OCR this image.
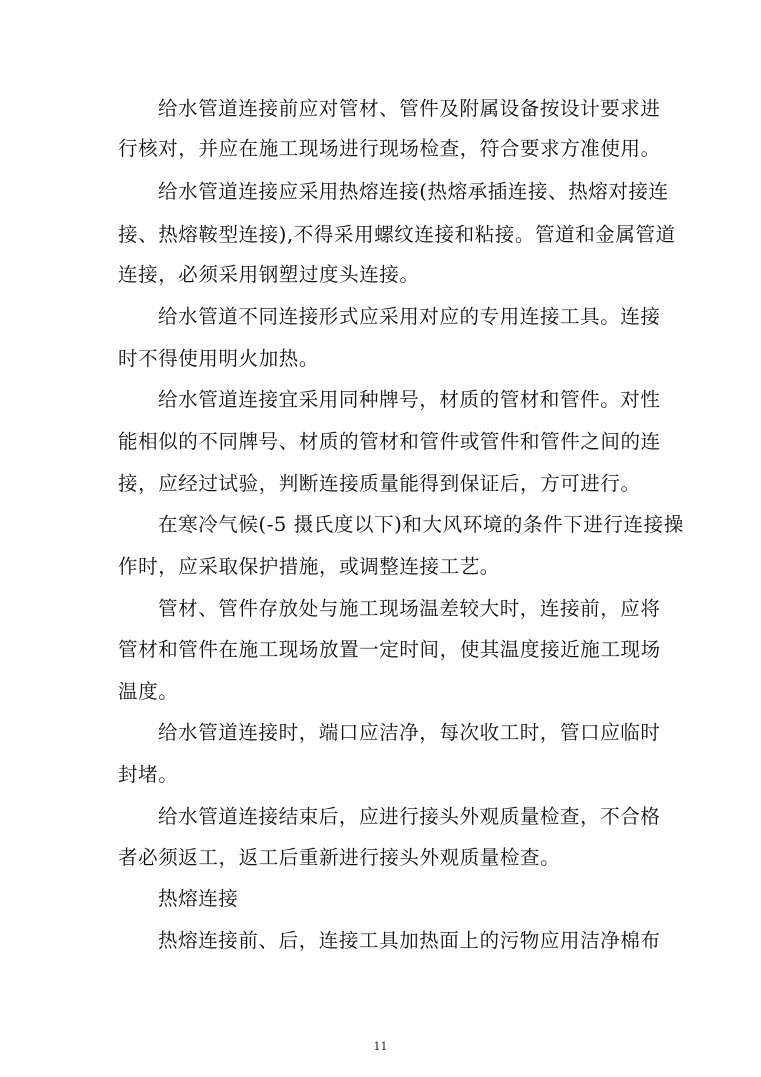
给水管道连接前应对管材、管件及附属设备按设计要求进
行核对，并应在施工现场进行现场检查，符合要求方准使用。
给水管道连接应采用热熔连接(热熔承插连接、热熔对接连
接、热熔鞍型连接),不得采用螺纹连接和粘接。管道和金属管道
连接，必须采用钢塑过度头连接。
给水管道不同连接形式应采用对应的专用连接工具。连接
时不得使用明火加热。
给水管道连接宜采用同种牌号，材质的管材和管件。对性
能相似的不同牌号、材质的管材和管件或管件和管件之间的连
接，应经过试验，判断连接质量能得到保证后，方可进行。
在寒冷气候(-5 摄氏度以下)和大风环境的条件下进行连接操
作时，应采取保护措施，或调整连接工艺。
管材、管件存放处与施工现场温差较大时，连接前，应将
管材和管件在施工现场放置一定时间，使其温度接近施工现场
温度。
给水管道连接时，端口应洁净，每次收工时，管口应临时
封堵。
给水管道连接结束后，应进行接头外观质量检查，不合格
者必须返工，返工后重新进行接头外观质量检查。
热熔连接
热熔连接前、后，连接工具加热面上的污物应用洁净棉布
11
